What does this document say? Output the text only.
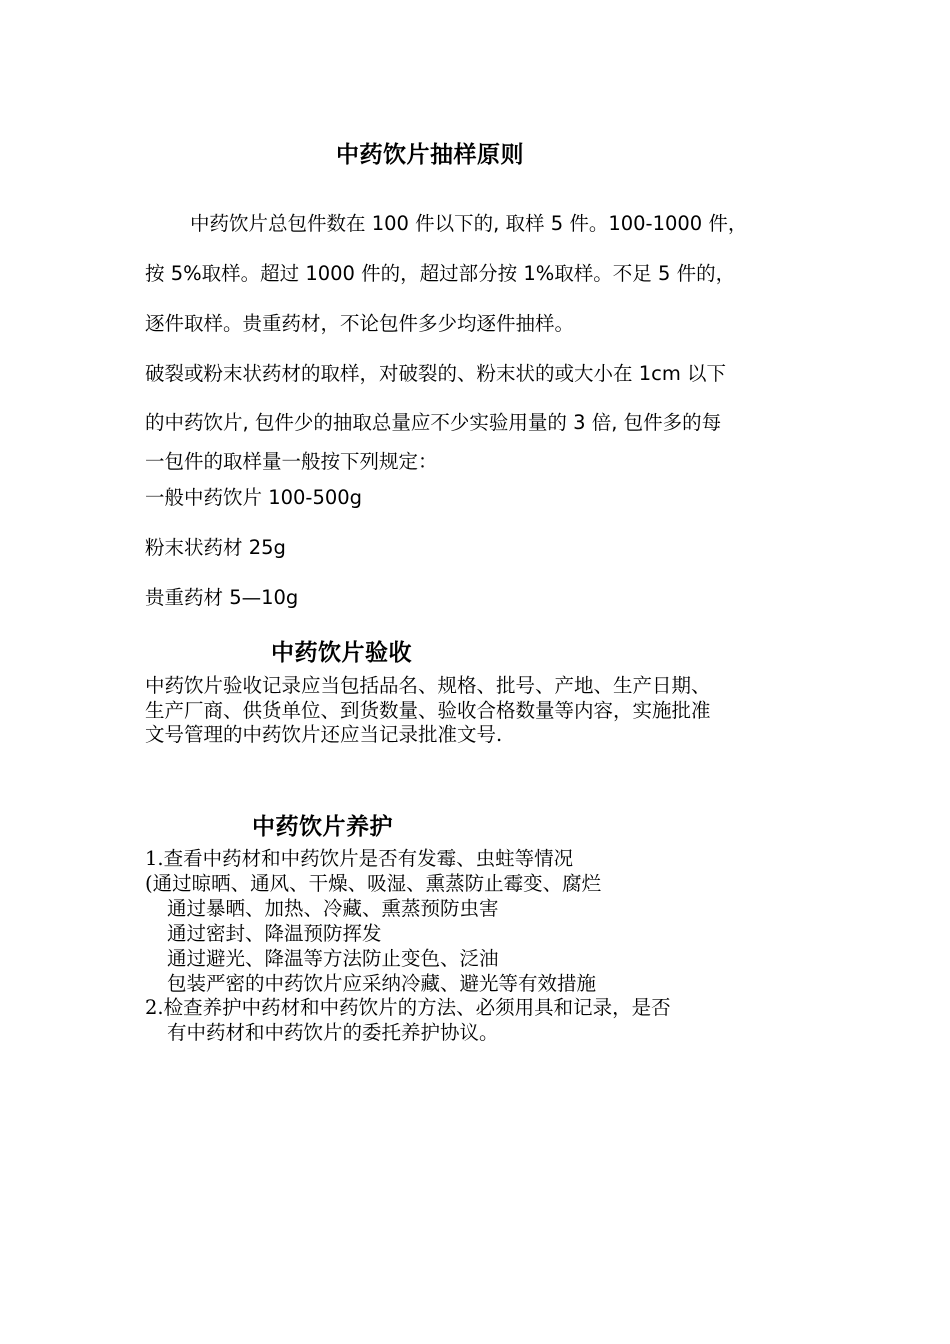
中药饮片抽样原则
中药饮片总包件数在 100 件以下的, 取样 5 件。100-1000 件，
按 5%取样。超过 1000 件的，超过部分按 1%取样。不足 5 件的，
逐件取样。贵重药材，不论包件多少均逐件抽样。
破裂或粉末状药材的取样，对破裂的、粉末状的或大小在 1cm 以下
的中药饮片, 包件少的抽取总量应不少实验用量的 3 倍, 包件多的每
一包件的取样量一般按下列规定：
一般中药饮片 100-500g
粉末状药材 25g
贵重药材 5—10g
中药饮片验收
中药饮片验收记录应当包括品名、规格、批号、产地、生产日期、
生产厂商、供货单位、到货数量、验收合格数量等内容，实施批准
文号管理的中药饮片还应当记录批准文号.
中药饮片养护
1.查看中药材和中药饮片是否有发霉、虫蛀等情况
(通过晾晒、通风、干燥、吸湿、熏蒸防止霉变、腐烂
通过暴晒、加热、冷藏、熏蒸预防虫害
通过密封、降温预防挥发
通过避光、降温等方法防止变色、泛油
包装严密的中药饮片应采纳冷藏、避光等有效措施
2.检查养护中药材和中药饮片的方法、必须用具和记录，是否
有中药材和中药饮片的委托养护协议。
